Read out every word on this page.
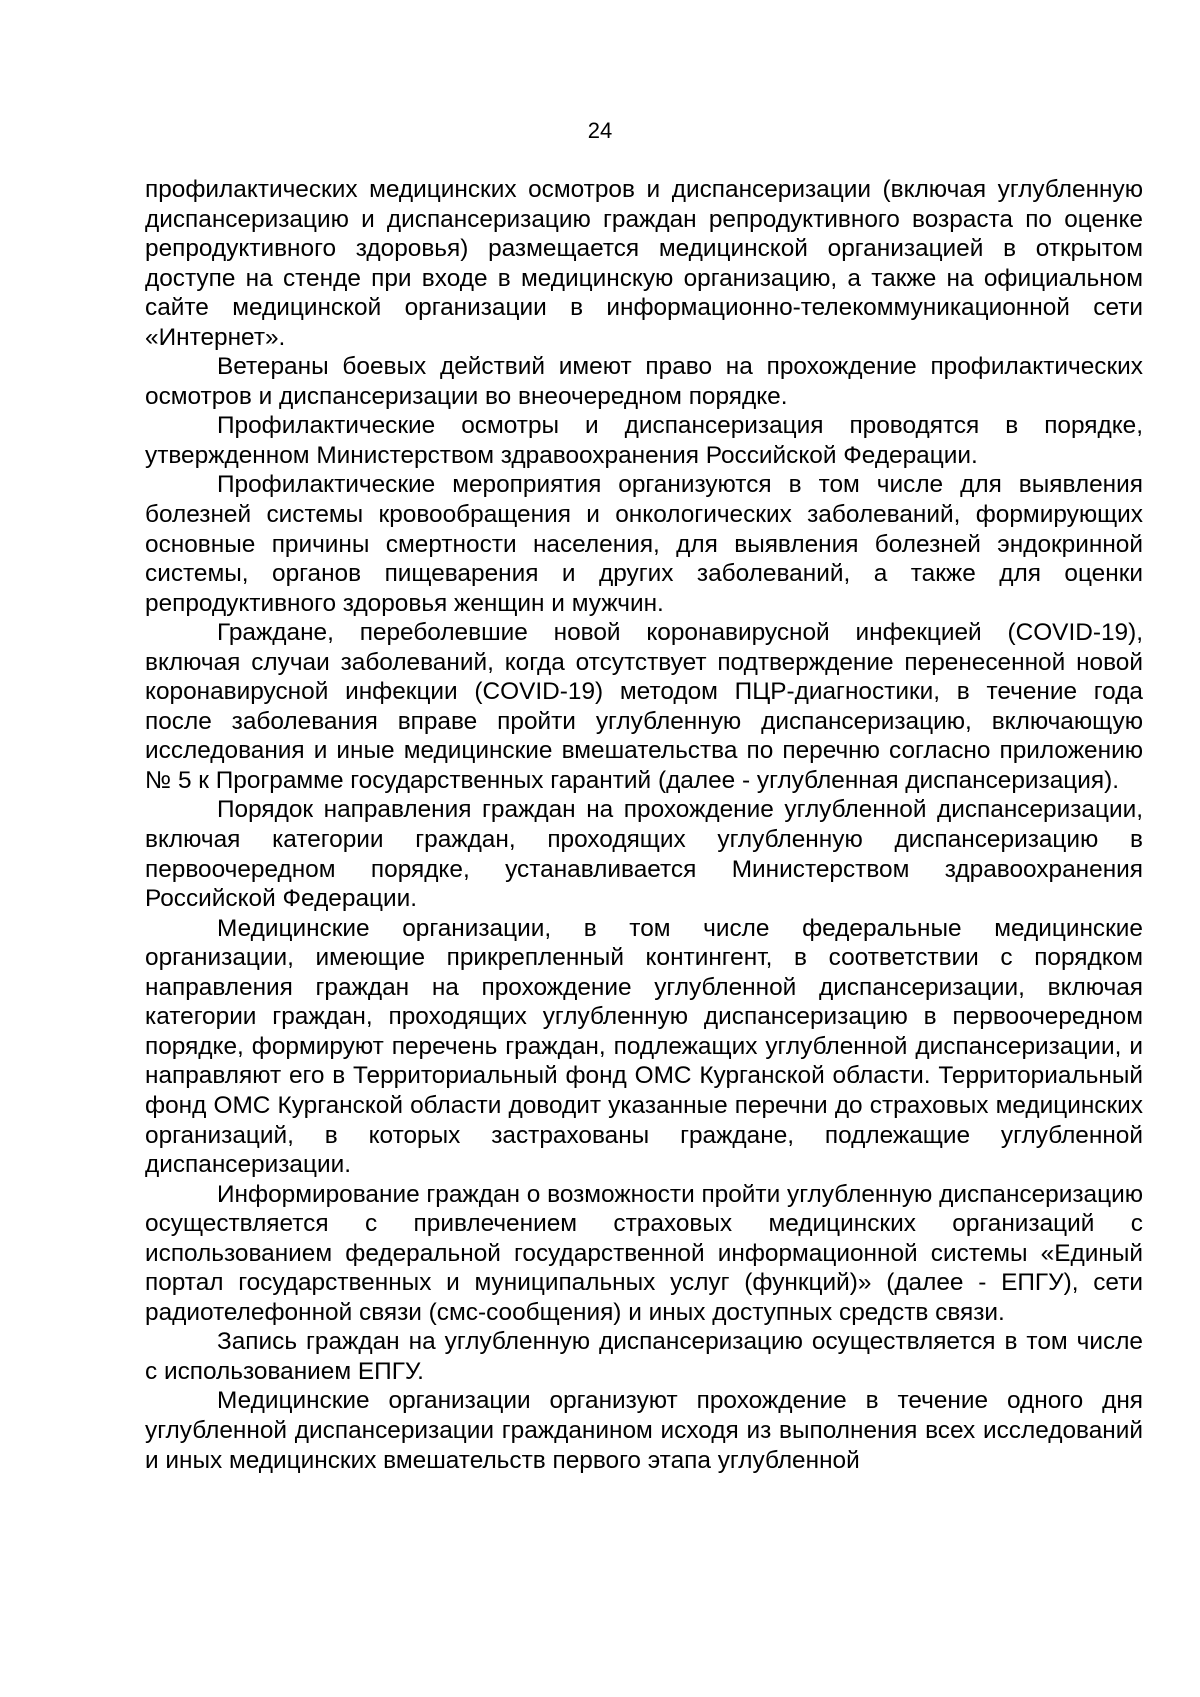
24

профилактических медицинских осмотров и диспансеризации (включая углубленную диспансеризацию и диспансеризацию граждан репродуктивного возраста по оценке репродуктивного здоровья) размещается медицинской организацией в открытом доступе на стенде при входе в медицинскую организацию, а также на официальном сайте медицинской организации в информационно-телекоммуникационной сети «Интернет».

Ветераны боевых действий имеют право на прохождение профилактических осмотров и диспансеризации во внеочередном порядке.

Профилактические осмотры и диспансеризация проводятся в порядке, утвержденном Министерством здравоохранения Российской Федерации.

Профилактические мероприятия организуются в том числе для выявления болезней системы кровообращения и онкологических заболеваний, формирующих основные причины смертности населения, для выявления болезней эндокринной системы, органов пищеварения и других заболеваний, а также для оценки репродуктивного здоровья женщин и мужчин.

Граждане, переболевшие новой коронавирусной инфекцией (COVID-19), включая случаи заболеваний, когда отсутствует подтверждение перенесенной новой коронавирусной инфекции (COVID-19) методом ПЦР-диагностики, в течение года после заболевания вправе пройти углубленную диспансеризацию, включающую исследования и иные медицинские вмешательства по перечню согласно приложению № 5 к Программе государственных гарантий (далее - углубленная диспансеризация).

Порядок направления граждан на прохождение углубленной диспансеризации, включая категории граждан, проходящих углубленную диспансеризацию в первоочередном порядке, устанавливается Министерством здравоохранения Российской Федерации.

Медицинские организации, в том числе федеральные медицинские организации, имеющие прикрепленный контингент, в соответствии с порядком направления граждан на прохождение углубленной диспансеризации, включая категории граждан, проходящих углубленную диспансеризацию в первоочередном порядке, формируют перечень граждан, подлежащих углубленной диспансеризации, и направляют его в Территориальный фонд ОМС Курганской области. Территориальный фонд ОМС Курганской области доводит указанные перечни до страховых медицинских организаций, в которых застрахованы граждане, подлежащие углубленной диспансеризации.

Информирование граждан о возможности пройти углубленную диспансеризацию осуществляется с привлечением страховых медицинских организаций с использованием федеральной государственной информационной системы «Единый портал государственных и муниципальных услуг (функций)» (далее - ЕПГУ), сети радиотелефонной связи (смс-сообщения) и иных доступных средств связи.

Запись граждан на углубленную диспансеризацию осуществляется в том числе с использованием ЕПГУ.

Медицинские организации организуют прохождение в течение одного дня углубленной диспансеризации гражданином исходя из выполнения всех исследований и иных медицинских вмешательств первого этапа углубленной
